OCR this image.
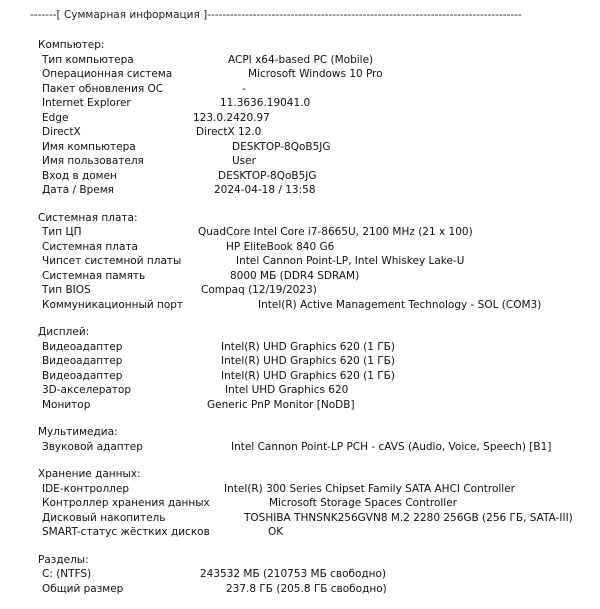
-------[ Суммарная информация ]-----------------------------------------------------------------------------------
Компьютер:
Тип компьютера	ACPI x64-based PC (Mobile)
Операционная система	Microsoft Windows 10 Pro
Пакет обновления ОС	-
Internet Explorer	11.3636.19041.0
Edge	123.0.2420.97
DirectX	DirectX 12.0
Имя компьютера	DESKTOP-8QoB5JG
Имя пользователя	User
Вход в домен	DESKTOP-8QoB5JG
Дата / Время	2024-04-18 / 13:58
Системная плата:
Тип ЦП	QuadCore Intel Core i7-8665U, 2100 MHz (21 x 100)
Системная плата	HP EliteBook 840 G6
Чипсет системной платы	Intel Cannon Point-LP, Intel Whiskey Lake-U
Системная память	8000 МБ (DDR4 SDRAM)
Тип BIOS	Compaq (12/19/2023)
Коммуникационный порт	Intel(R) Active Management Technology - SOL (COM3)
Дисплей:
Видеоадаптер	Intel(R) UHD Graphics 620 (1 ГБ)
Видеоадаптер	Intel(R) UHD Graphics 620 (1 ГБ)
Видеоадаптер	Intel(R) UHD Graphics 620 (1 ГБ)
3D-акселератор	Intel UHD Graphics 620
Монитор	Generic PnP Monitor [NoDB]
Мультимедиа:
Звуковой адаптер	Intel Cannon Point-LP PCH - cAVS (Audio, Voice, Speech) [B1]
Хранение данных:
IDE-контроллер	Intel(R) 300 Series Chipset Family SATA AHCI Controller
Контроллер хранения данных	Microsoft Storage Spaces Controller
Дисковый накопитель	TOSHIBA THNSNK256GVN8 M.2 2280 256GB (256 ГБ, SATA-III)
SMART-статус жёстких дисков	OK
Разделы:
C: (NTFS)	243532 МБ (210753 МБ свободно)
Общий размер	237.8 ГБ (205.8 ГБ свободно)
